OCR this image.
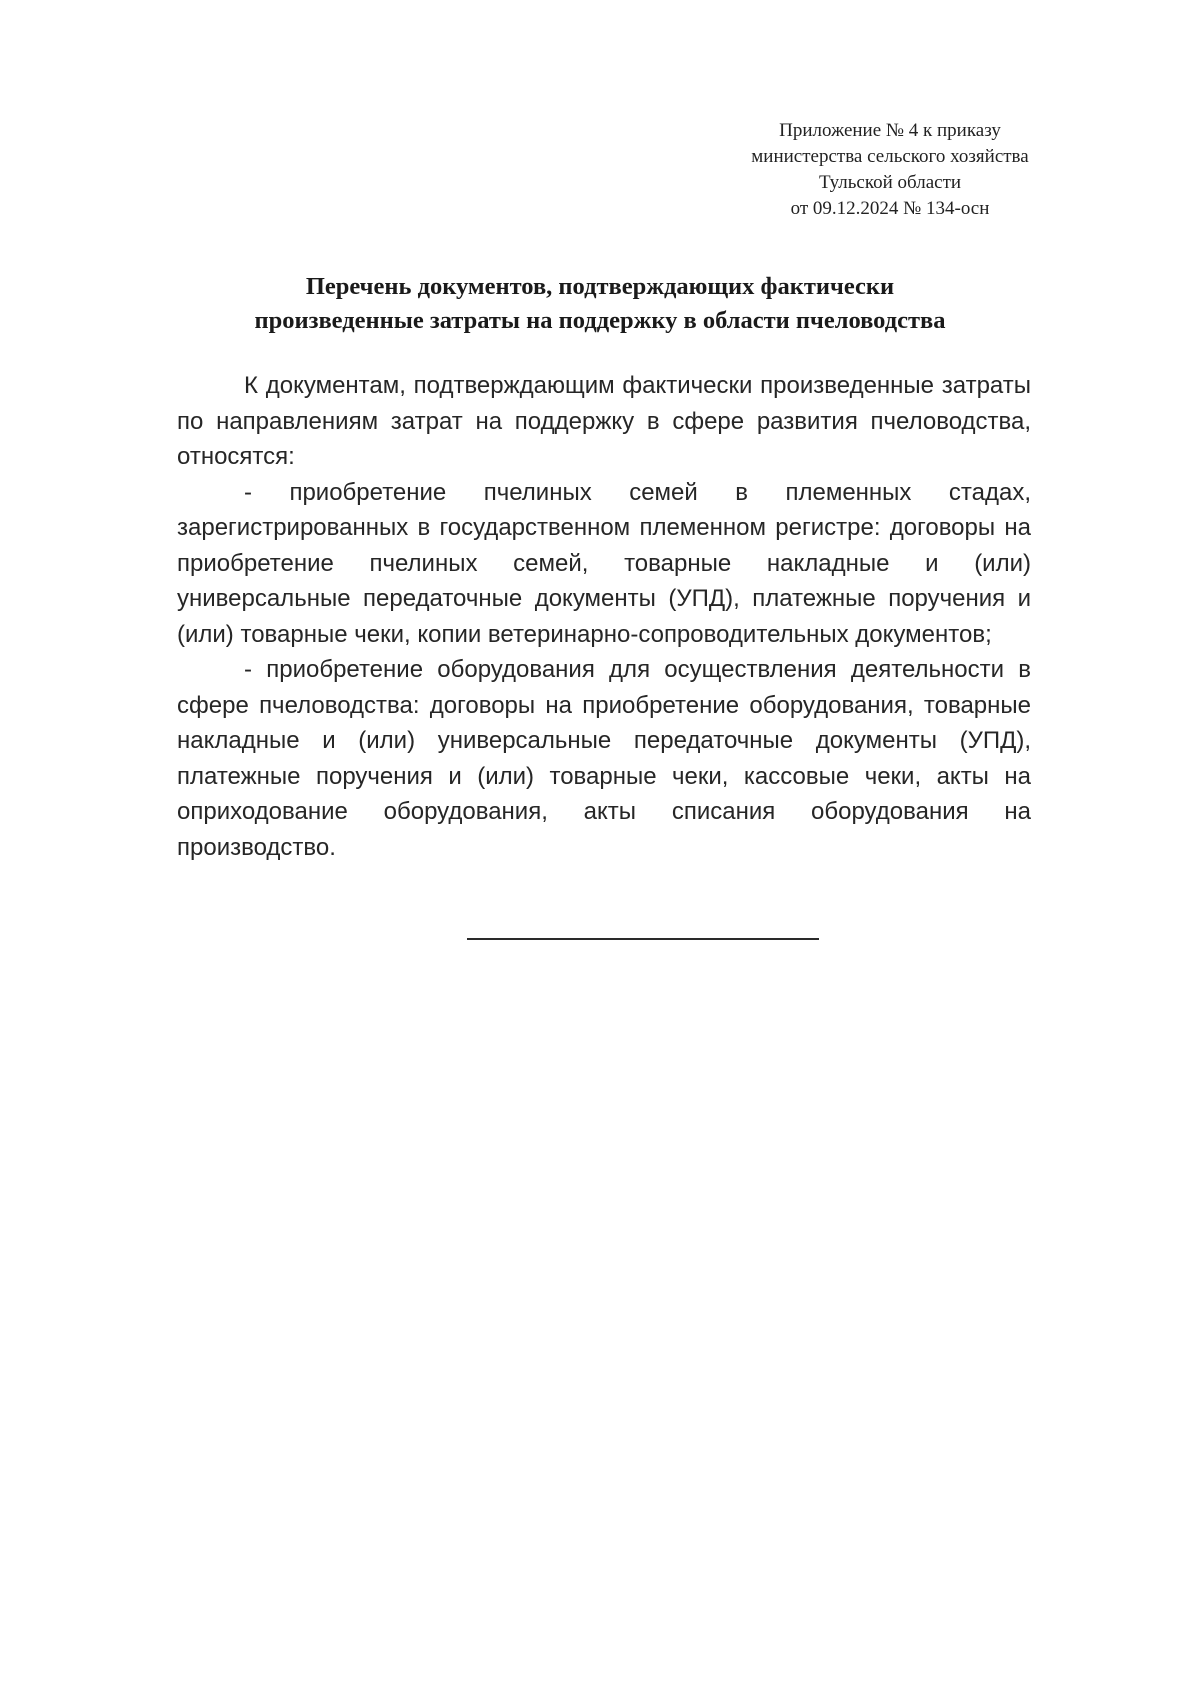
Приложение № 4 к приказу
министерства сельского хозяйства
Тульской области
от 09.12.2024 № 134-осн
Перечень документов, подтверждающих фактически
произведенные затраты на поддержку в области пчеловодства

К документам, подтверждающим фактически произведенные затраты по направлениям затрат на поддержку в сфере развития пчеловодства, относятся:

- приобретение пчелиных семей в племенных стадах, зарегистрированных в государственном племенном регистре: договоры на приобретение пчелиных семей, товарные накладные и (или) универсальные передаточные документы (УПД), платежные поручения и (или) товарные чеки, копии ветеринарно-сопроводительных документов;

- приобретение оборудования для осуществления деятельности в сфере пчеловодства: договоры на приобретение оборудования, товарные накладные и (или) универсальные передаточные документы (УПД), платежные поручения и (или) товарные чеки, кассовые чеки, акты на оприходование оборудования, акты списания оборудования на производство.
